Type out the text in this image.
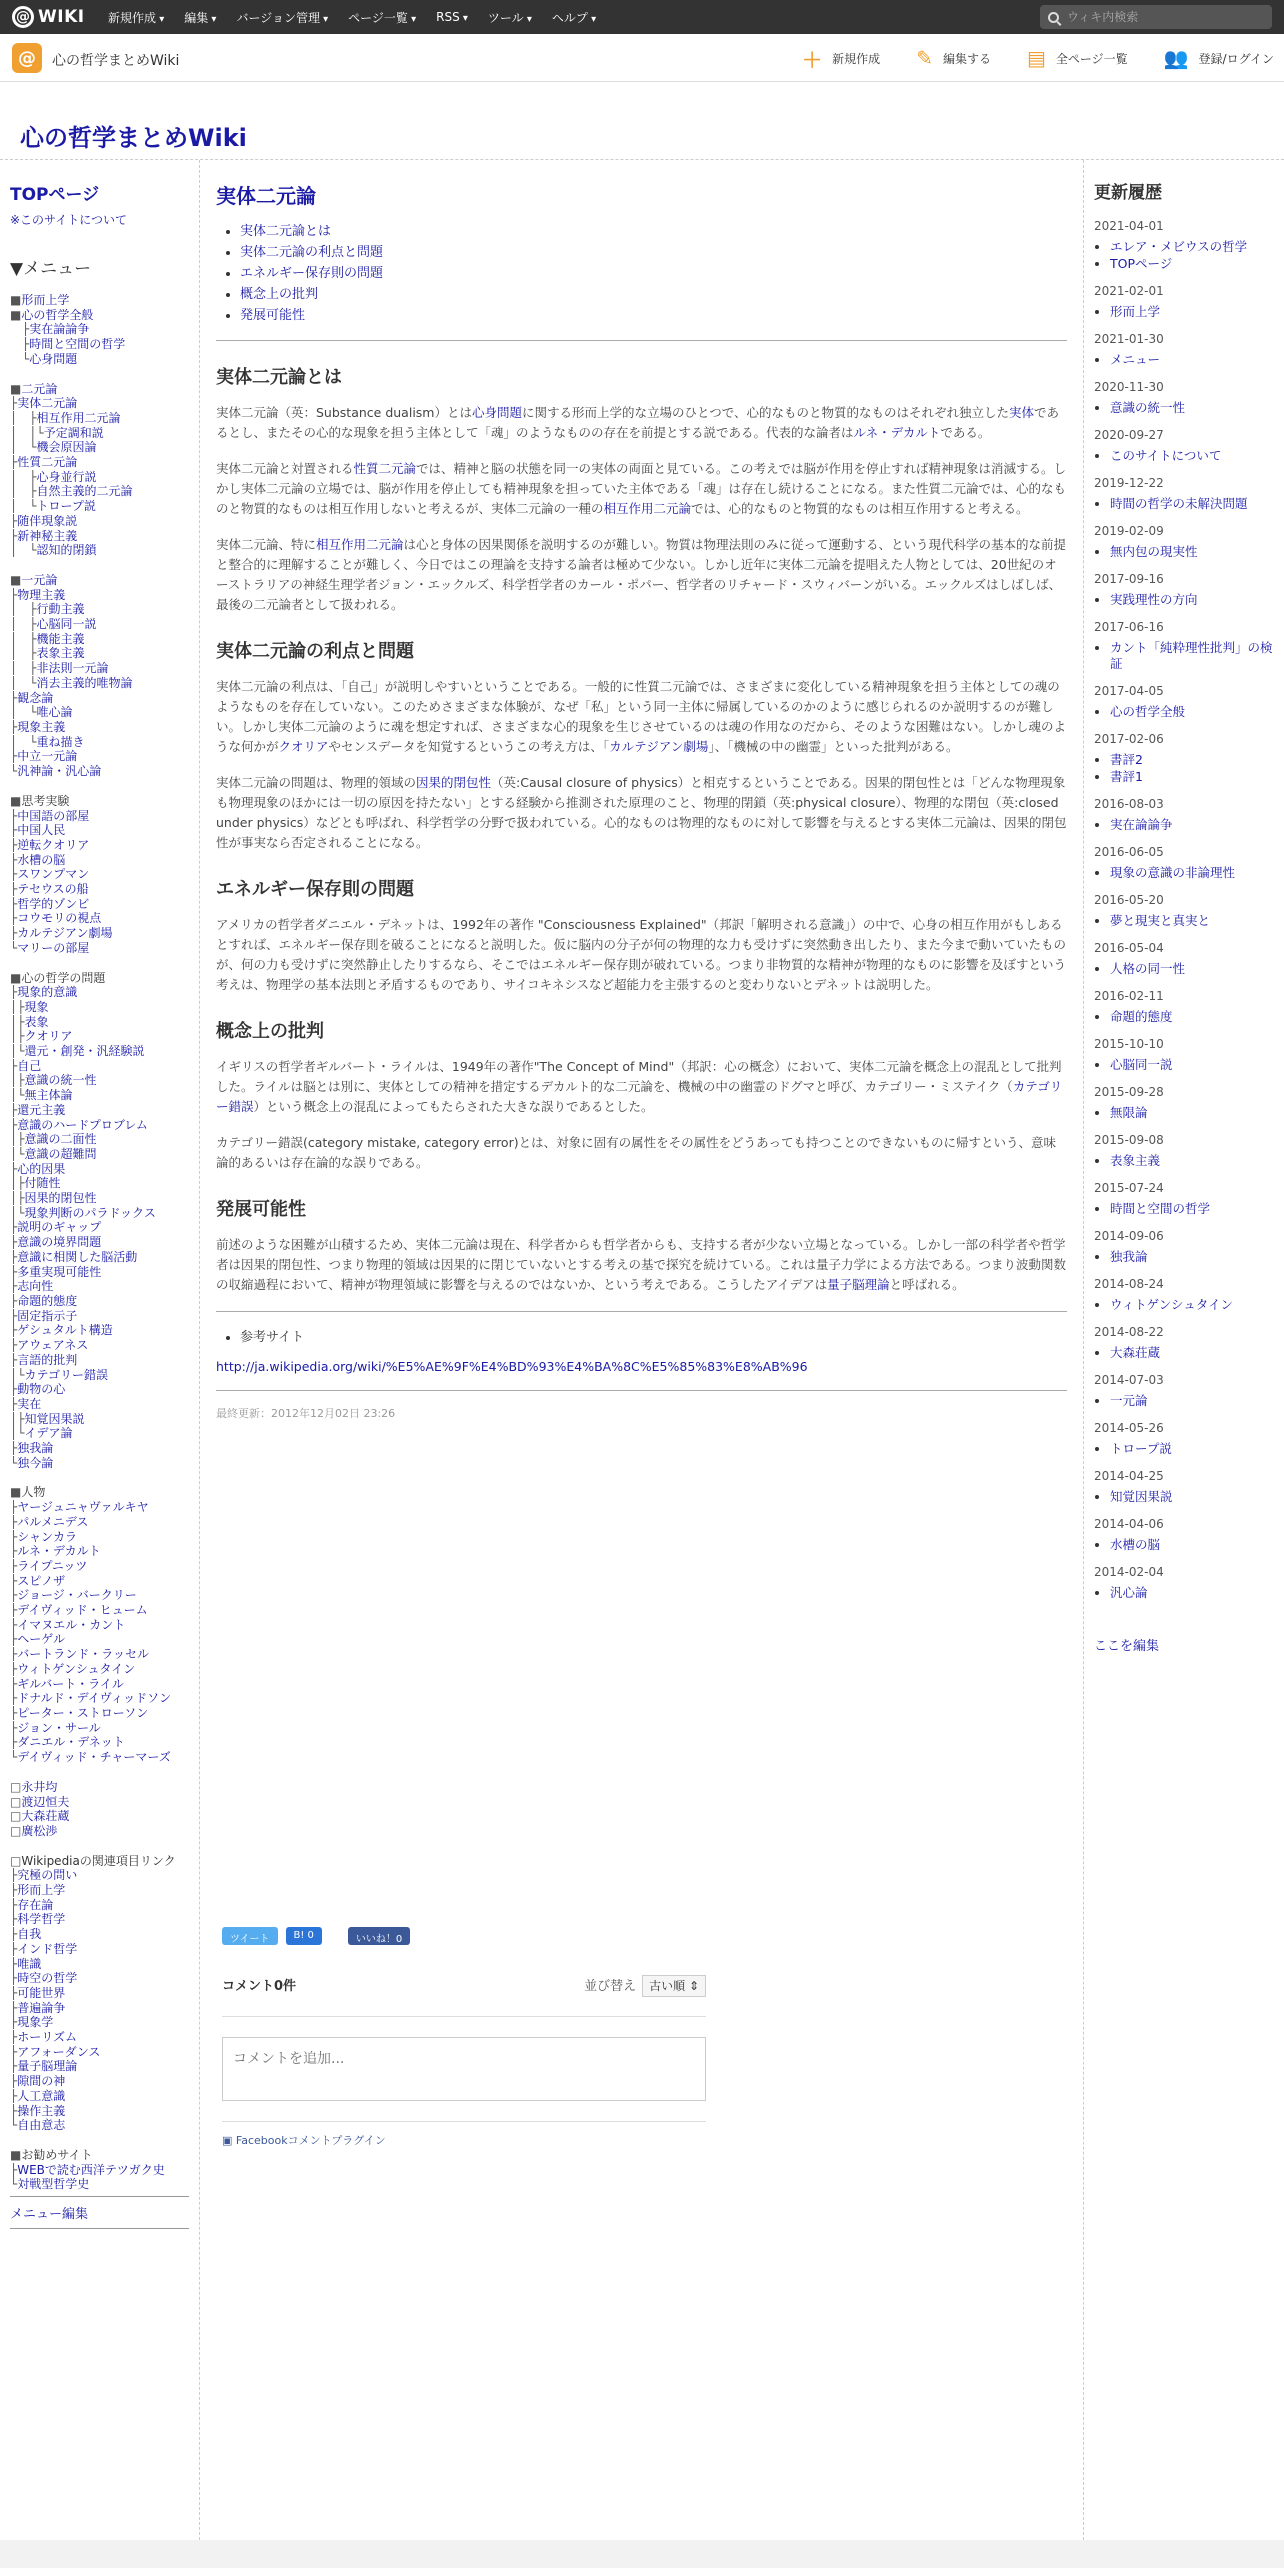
@ WIKI 新規作成 ▾	編集 ▾	バージョン管理 ▾	ページ一覧 ▾	RSS ▾	ツール ▾	ヘルプ ▾
ウィキ内検索
@	心の哲学まとめWiki	＋ 新規作成 ✎ 編集する ▤ 全ページ一覧 👥 登録/ログイン
心の哲学まとめWiki
TOPページ
※このサイトについて
▼メニュー
■形而上学
■心の哲学全般
　├実在論論争
　├時間と空間の哲学
　└心身問題
■二元論
├実体二元論
│　├相互作用二元論
│　│└予定調和説
│　└機会原因論
├性質二元論
│　├心身並行説
│　├自然主義的二元論
│　└トロープ説
├随伴現象説
├新神秘主義
│　└認知的閉鎖
■一元論
├物理主義
│　├行動主義
│　├心脳同一説
│　├機能主義
│　├表象主義
│　├非法則一元論
│　└消去主義的唯物論
├観念論
│　└唯心論
├現象主義
│　└重ね描き
├中立一元論
└汎神論・汎心論
■思考実験
├中国語の部屋
├中国人民
├逆転クオリア
├水槽の脳
├スワンプマン
├テセウスの船
├哲学的ゾンビ
├コウモリの視点
├カルテジアン劇場
└マリーの部屋
■心の哲学の問題
├現象的意識
│├現象
│├表象
│├クオリア
│└還元・創発・汎経験説
├自己
│├意識の統一性
│└無主体論
├還元主義
├意識のハードプロブレム
│├意識の二面性
│└意識の超難問
├心的因果
│├付随性
│├因果的閉包性
│└現象判断のパラドックス
├説明のギャップ
├意識の境界問題
├意識に相関した脳活動
├多重実現可能性
├志向性
├命題的態度
├固定指示子
├ゲシュタルト構造
├アウェアネス
├言語的批判
│└カテゴリー錯誤
├動物の心
├実在
│├知覚因果説
│└イデア論
├独我論
└独今論
■人物
├ヤージュニャヴァルキヤ
├パルメニデス
├シャンカラ
├ルネ・デカルト
├ライプニッツ
├スピノザ
├ジョージ・バークリー
├デイヴィッド・ヒューム
├イマヌエル・カント
├ヘーゲル
├バートランド・ラッセル
├ウィトゲンシュタイン
├ギルバート・ライル
├ドナルド・デイヴィッドソン
├ピーター・ストローソン
├ジョン・サール
├ダニエル・デネット
└デイヴィッド・チャーマーズ
□永井均
□渡辺恒夫
□大森荘蔵
□廣松渉
□Wikipediaの関連項目リンク
├究極の問い
├形而上学
├存在論
├科学哲学
├自我
├インド哲学
├唯識
├時空の哲学
├可能世界
├普遍論争
├現象学
├ホーリズム
├アフォーダンス
├量子脳理論
├隙間の神
├人工意識
├操作主義
└自由意志
■お勧めサイト
├WEBで読む西洋テツガク史
└対戦型哲学史
メニュー編集
実体二元論
• 実体二元論とは
• 実体二元論の利点と問題
• エネルギー保存則の問題
• 概念上の批判
• 発展可能性
実体二元論とは

実体二元論（英：Substance dualism）とは心身問題に関する形而上学的な立場のひとつで、心的なものと物質的なものはそれぞれ独立した実体であるとし、またその心的な現象を担う主体として「魂」のようなものの存在を前提とする説である。代表的な論者はルネ・デカルトである。

実体二元論と対置される性質二元論では、精神と脳の状態を同一の実体の両面と見ている。この考えでは脳が作用を停止すれば精神現象は消滅する。しかし実体二元論の立場では、脳が作用を停止しても精神現象を担っていた主体である「魂」は存在し続けることになる。また性質二元論では、心的なものと物質的なものは相互作用しないと考えるが、実体二元論の一種の相互作用二元論では、心的なものと物質的なものは相互作用すると考える。

実体二元論、特に相互作用二元論は心と身体の因果関係を説明するのが難しい。物質は物理法則のみに従って運動する、という現代科学の基本的な前提と整合的に理解することが難しく、今日ではこの理論を支持する論者は極めて少ない。しかし近年に実体二元論を提唱えた人物としては、20世紀のオーストラリアの神経生理学者ジョン・エックルズ、科学哲学者のカール・ポパー、哲学者のリチャード・スウィバーンがいる。エックルズはしばしば、最後の二元論者として扱われる。

実体二元論の利点と問題

実体二元論の利点は、「自己」が説明しやすいということである。一般的に性質二元論では、さまざまに変化している精神現象を担う主体としての魂のようなものを存在していない。このためさまざまな体験が、なぜ「私」という同一主体に帰属しているのかのように感じられるのか説明するのが難しい。しかし実体二元論のように魂を想定すれば、さまざまな心的現象を生じさせているのは魂の作用なのだから、そのような困難はない。しかし魂のような何かがクオリアやセンスデータを知覚するというこの考え方は、「カルテジアン劇場」、「機械の中の幽霊」といった批判がある。

実体二元論の問題は、物理的領域の因果的閉包性（英:Causal closure of physics）と相克するということである。因果的閉包性とは「どんな物理現象も物理現象のほかには一切の原因を持たない」とする経験から推測された原理のこと、物理的閉鎖（英:physical closure）、物理的な閉包（英:closed under physics）などとも呼ばれ、科学哲学の分野で扱われている。心的なものは物理的なものに対して影響を与えるとする実体二元論は、因果的閉包性が事実なら否定されることになる。

エネルギー保存則の問題

アメリカの哲学者ダニエル・デネットは、1992年の著作 "Consciousness Explained"（邦訳「解明される意識」）の中で、心身の相互作用がもしあるとすれば、エネルギー保存則を破ることになると説明した。仮に脳内の分子が何の物理的な力も受けずに突然動き出したり、また今まで動いていたものが、何の力も受けずに突然静止したりするなら、そこではエネルギー保存則が破れている。つまり非物質的な精神が物理的なものに影響を及ぼすという考えは、物理学の基本法則と矛盾するものであり、サイコキネシスなど超能力を主張するのと変わりないとデネットは説明した。

概念上の批判

イギリスの哲学者ギルバート・ライルは、1949年の著作"The Concept of Mind"（邦訳：心の概念）において、実体二元論を概念上の混乱として批判した。ライルは脳とは別に、実体としての精神を措定するデカルト的な二元論を、機械の中の幽霊のドグマと呼び、カテゴリー・ミステイク（カテゴリー錯誤）という概念上の混乱によってもたらされた大きな誤りであるとした。

カテゴリー錯誤(category mistake, category error)とは、対象に固有の属性をその属性をどうあっても持つことのできないものに帰すという、意味論的あるいは存在論的な誤りである。

発展可能性

前述のような困難が山積するため、実体二元論は現在、科学者からも哲学者からも、支持する者が少ない立場となっている。しかし一部の科学者や哲学者は因果的閉包性、つまり物理的領域は因果的に閉じていないとする考えの基で探究を続けている。これは量子力学による方法である。つまり波動関数の収縮過程において、精神が物理領域に影響を与えるのではないか、という考えである。こうしたアイデアは量子脳理論と呼ばれる。

• 参考サイト
http://ja.wikipedia.org/wiki/%E5%AE%9F%E4%BD%93%E4%BA%8C%E5%85%83%E8%AB%96
最終更新：2012年12月02日 23:26
ツイート	B! 0	いいね！0
コメント0件	並び替え 古い順 ⇕
コメントを追加...
▣ Facebookコメントプラグイン
更新履歴
2021-04-01
• エレア・メビウスの哲学
• TOPページ
2021-02-01
• 形而上学
2021-01-30
• メニュー
2020-11-30
• 意識の統一性
2020-09-27
• このサイトについて
2019-12-22
• 時間の哲学の未解決問題
2019-02-09
• 無内包の現実性
2017-09-16
• 実践理性の方向
2017-06-16
• カント「純粋理性批判」の検証
2017-04-05
• 心の哲学全般
2017-02-06
• 書評2
• 書評1
2016-08-03
• 実在論論争
2016-06-05
• 現象の意識の非論理性
2016-05-20
• 夢と現実と真実と
2016-05-04
• 人格の同一性
2016-02-11
• 命題的態度
2015-10-10
• 心脳同一説
2015-09-28
• 無限論
2015-09-08
• 表象主義
2015-07-24
• 時間と空間の哲学
2014-09-06
• 独我論
2014-08-24
• ウィトゲンシュタイン
2014-08-22
• 大森荘蔵
2014-07-03
• 一元論
2014-05-26
• トロープ説
2014-04-25
• 知覚因果説
2014-04-06
• 水槽の脳
2014-02-04
• 汎心論
ここを編集
